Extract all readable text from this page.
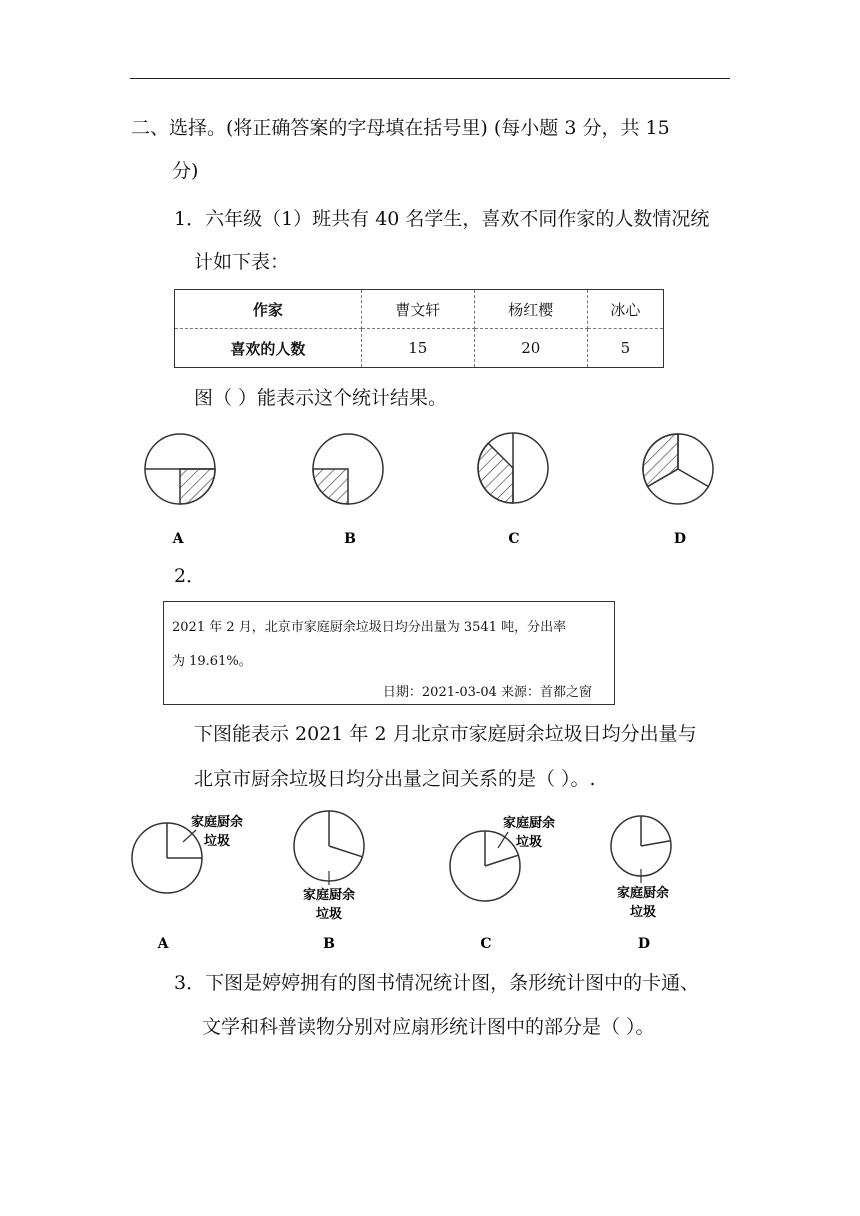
二、选择。(将正确答案的字母填在括号里) (每小题 3 分，共 15
分)
1．六年级（1）班共有 40 名学生，喜欢不同作家的人数情况统
计如下表：
作家	曹文轩	杨红樱	冰心
喜欢的人数	15	20	5
图（ ）能表示这个统计结果。
A	B	C	D
家庭厨余
垃圾
家庭厨余
垃圾
家庭厨余
垃圾
家庭厨余
垃圾
A	B	C	D
2．
2021 年 2 月，北京市家庭厨余垃圾日均分出量为 3541 吨，分出率
为 19.61%。
日期：2021-03-04 来源：首都之窗
下图能表示 2021 年 2 月北京市家庭厨余垃圾日均分出量与
北京市厨余垃圾日均分出量之间关系的是（ ）。.
3．下图是婷婷拥有的图书情况统计图，条形统计图中的卡通、
文学和科普读物分别对应扇形统计图中的部分是（ ）。
